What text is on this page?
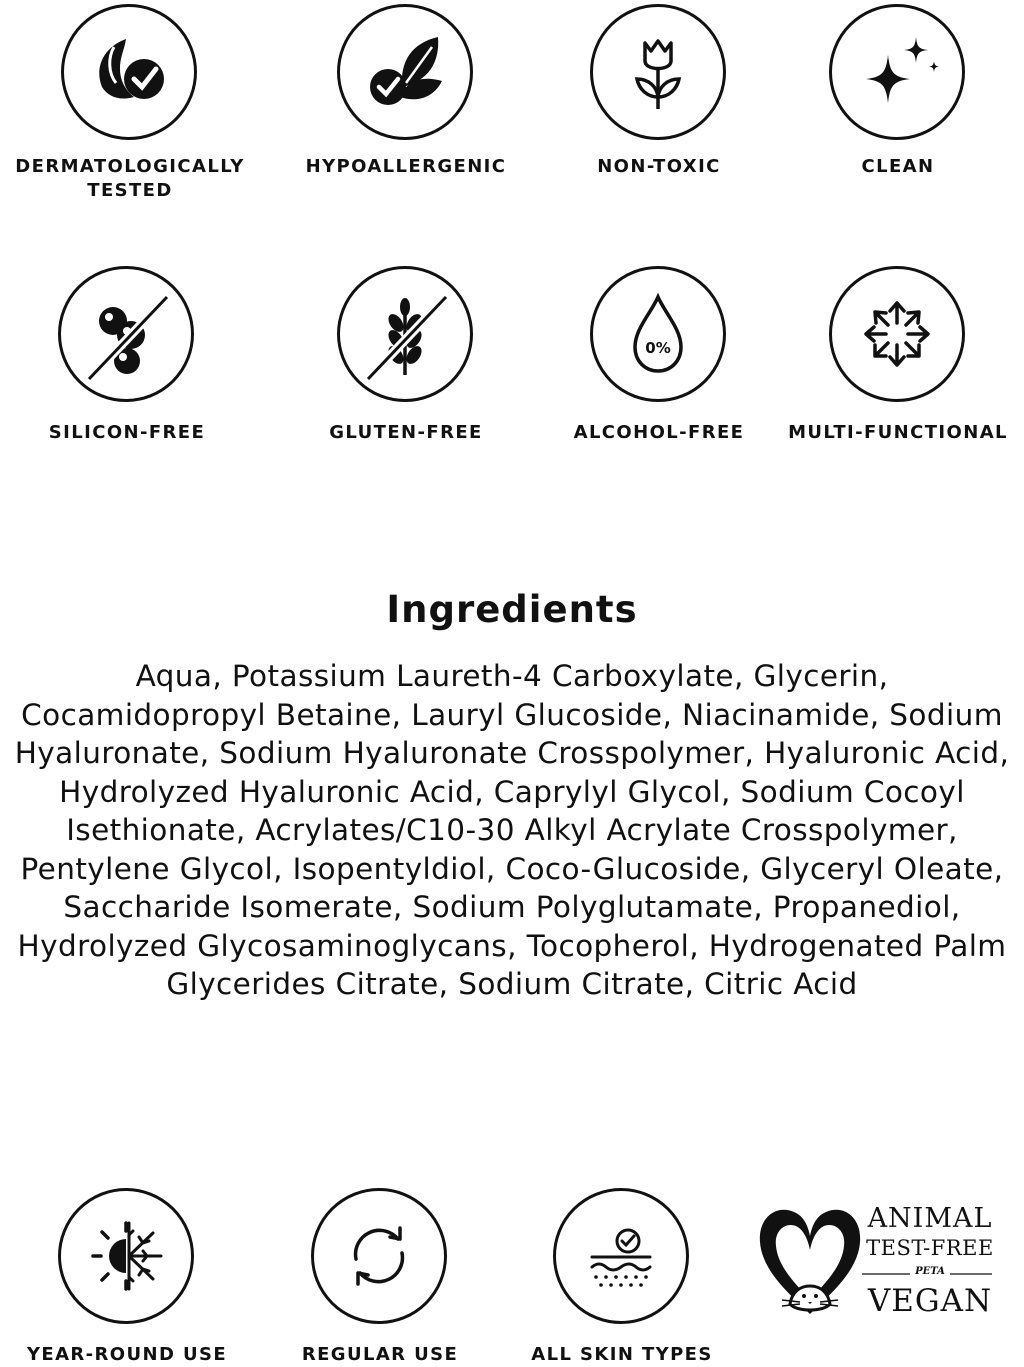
DERMATOLOGICALLY
TESTED
HYPOALLERGENIC	NON-TOXIC	CLEAN
SILICON-FREE	GLUTEN-FREE
0%
ALCOHOL-FREE MULTI-FUNCTIONAL
Ingredients

Aqua, Potassium Laureth-4 Carboxylate, Glycerin, Cocamidopropyl Betaine, Lauryl Glucoside, Niacinamide, Sodium Hyaluronate, Sodium Hyaluronate Crosspolymer, Hyaluronic Acid, Hydrolyzed Hyaluronic Acid, Caprylyl Glycol, Sodium Cocoyl Isethionate, Acrylates/C10-30 Alkyl Acrylate Crosspolymer, Pentylene Glycol, Isopentyldiol, Coco-Glucoside, Glyceryl Oleate, Saccharide Isomerate, Sodium Polyglutamate, Propanediol, Hydrolyzed Glycosaminoglycans, Tocopherol, Hydrogenated Palm Glycerides Citrate, Sodium Citrate, Citric Acid

YEAR-ROUND USE	REGULAR USE	ALL SKIN TYPES
ANIMAL
TEST-FREE
PETA
VEGAN
